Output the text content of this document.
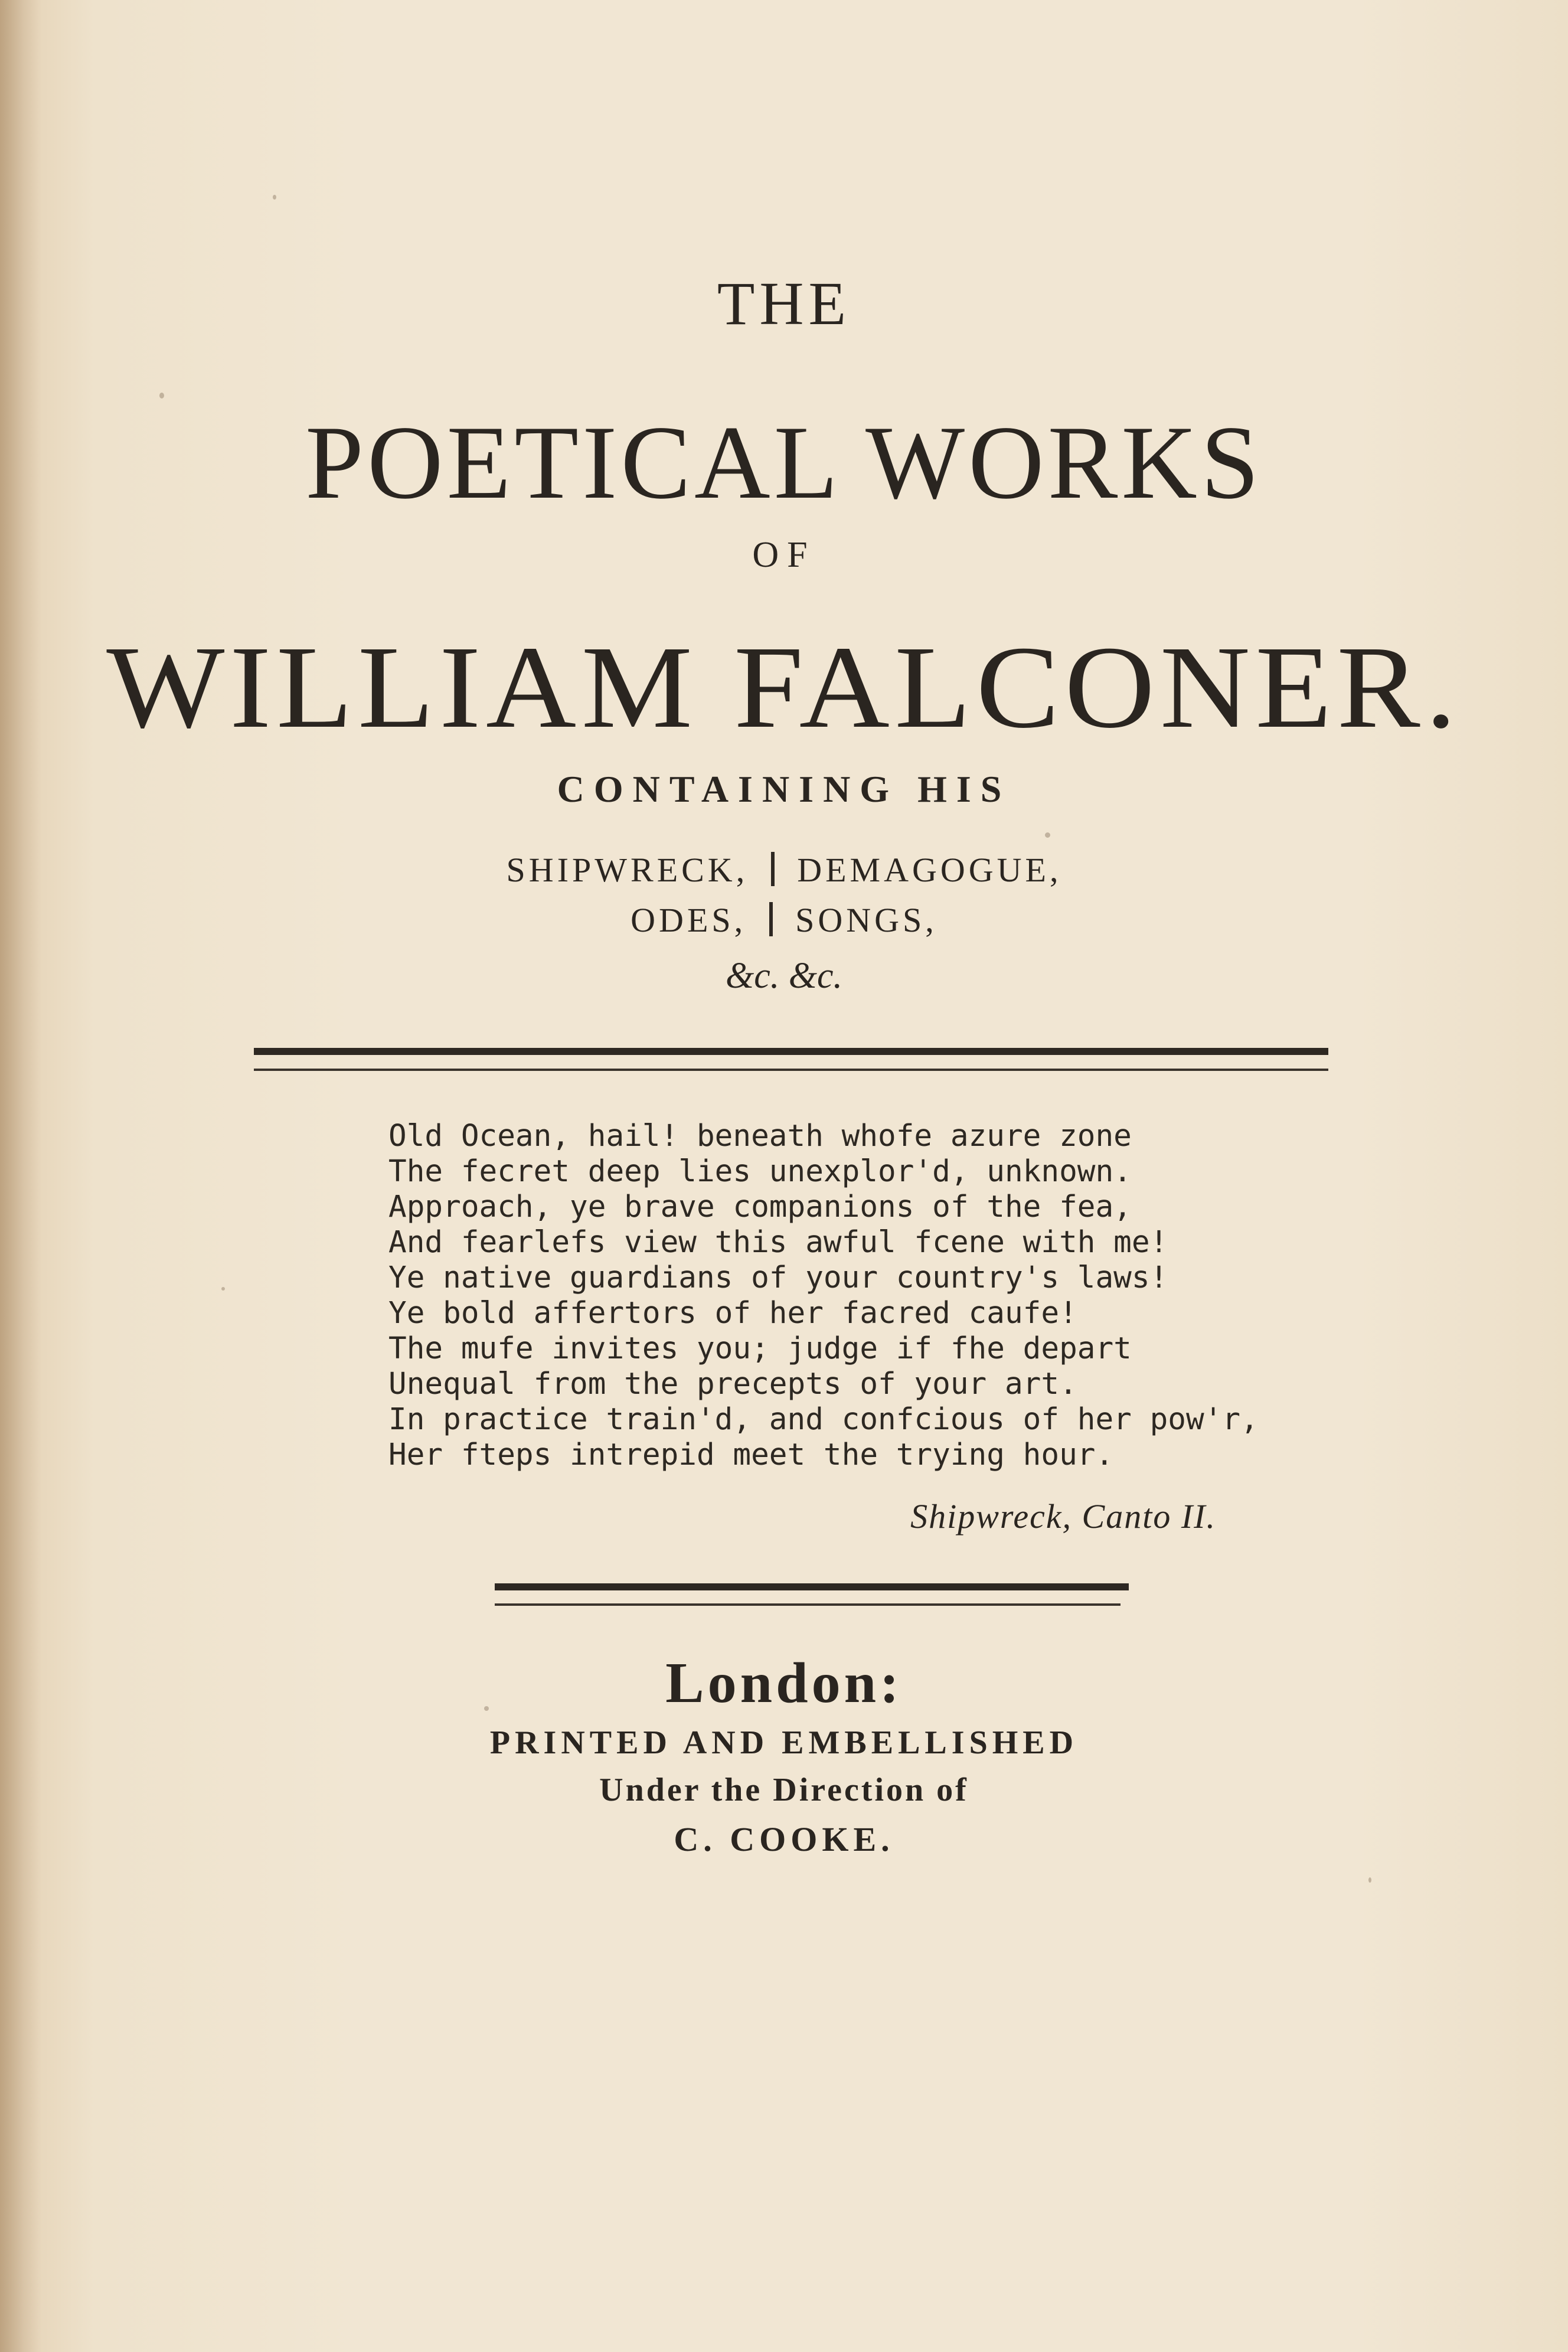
THE
POETICAL WORKS
OF
WILLIAM FALCONER.
CONTAINING HIS
SHIPWRECK, DEMAGOGUE,
ODES, SONGS,
&c. &c.
Old Ocean, hail! beneath whofe azure zone
The fecret deep lies unexplor'd, unknown.
Approach, ye brave companions of the fea,
And fearlefs view this awful fcene with me!
Ye native guardians of your country's laws!
Ye bold affertors of her facred caufe!
The mufe invites you; judge if fhe depart
Unequal from the precepts of your art.
In practice train'd, and confcious of her pow'r,
Her fteps intrepid meet the trying hour.
Shipwreck, Canto II.
London:
PRINTED AND EMBELLISHED
Under the Direction of
C. COOKE.
